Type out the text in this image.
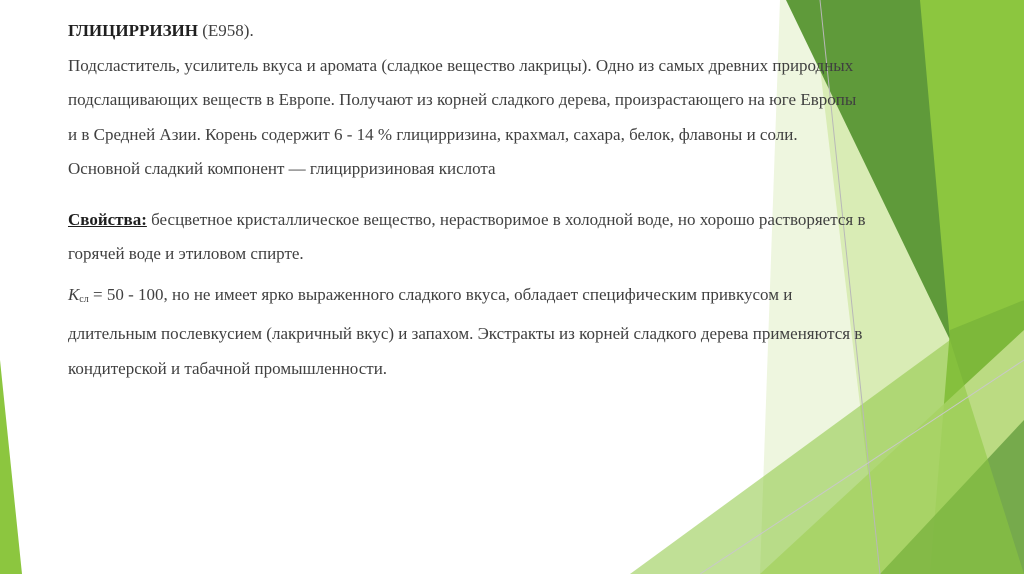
ГЛИЦИРРИЗИН (Е958).
Подсластитель, усилитель вкуса и аромата (сладкое вещество лакрицы). Одно из самых древних природных подслащивающих веществ в Европе. Получают из корней сладкого дерева, произрастающего на юге Европы и в Средней Азии. Корень содержит 6 - 14 % глицирризина, крахмал, сахара, белок, флавоны и соли. Основной сладкий компонент — глицирризиновая кислота

Свойства: бесцветное кристаллическое вещество, нерастворимое в холодной воде, но хорошо растворяется в горячей воде и этиловом спирте.

Ксл = 50 - 100, но не имеет ярко выраженного сладкого вкуса, обладает специфическим привкусом и длительным послевкусием (лакричный вкус) и запахом. Экстракты из корней сладкого дерева применяются в кондитерской и табачной промышленности.
